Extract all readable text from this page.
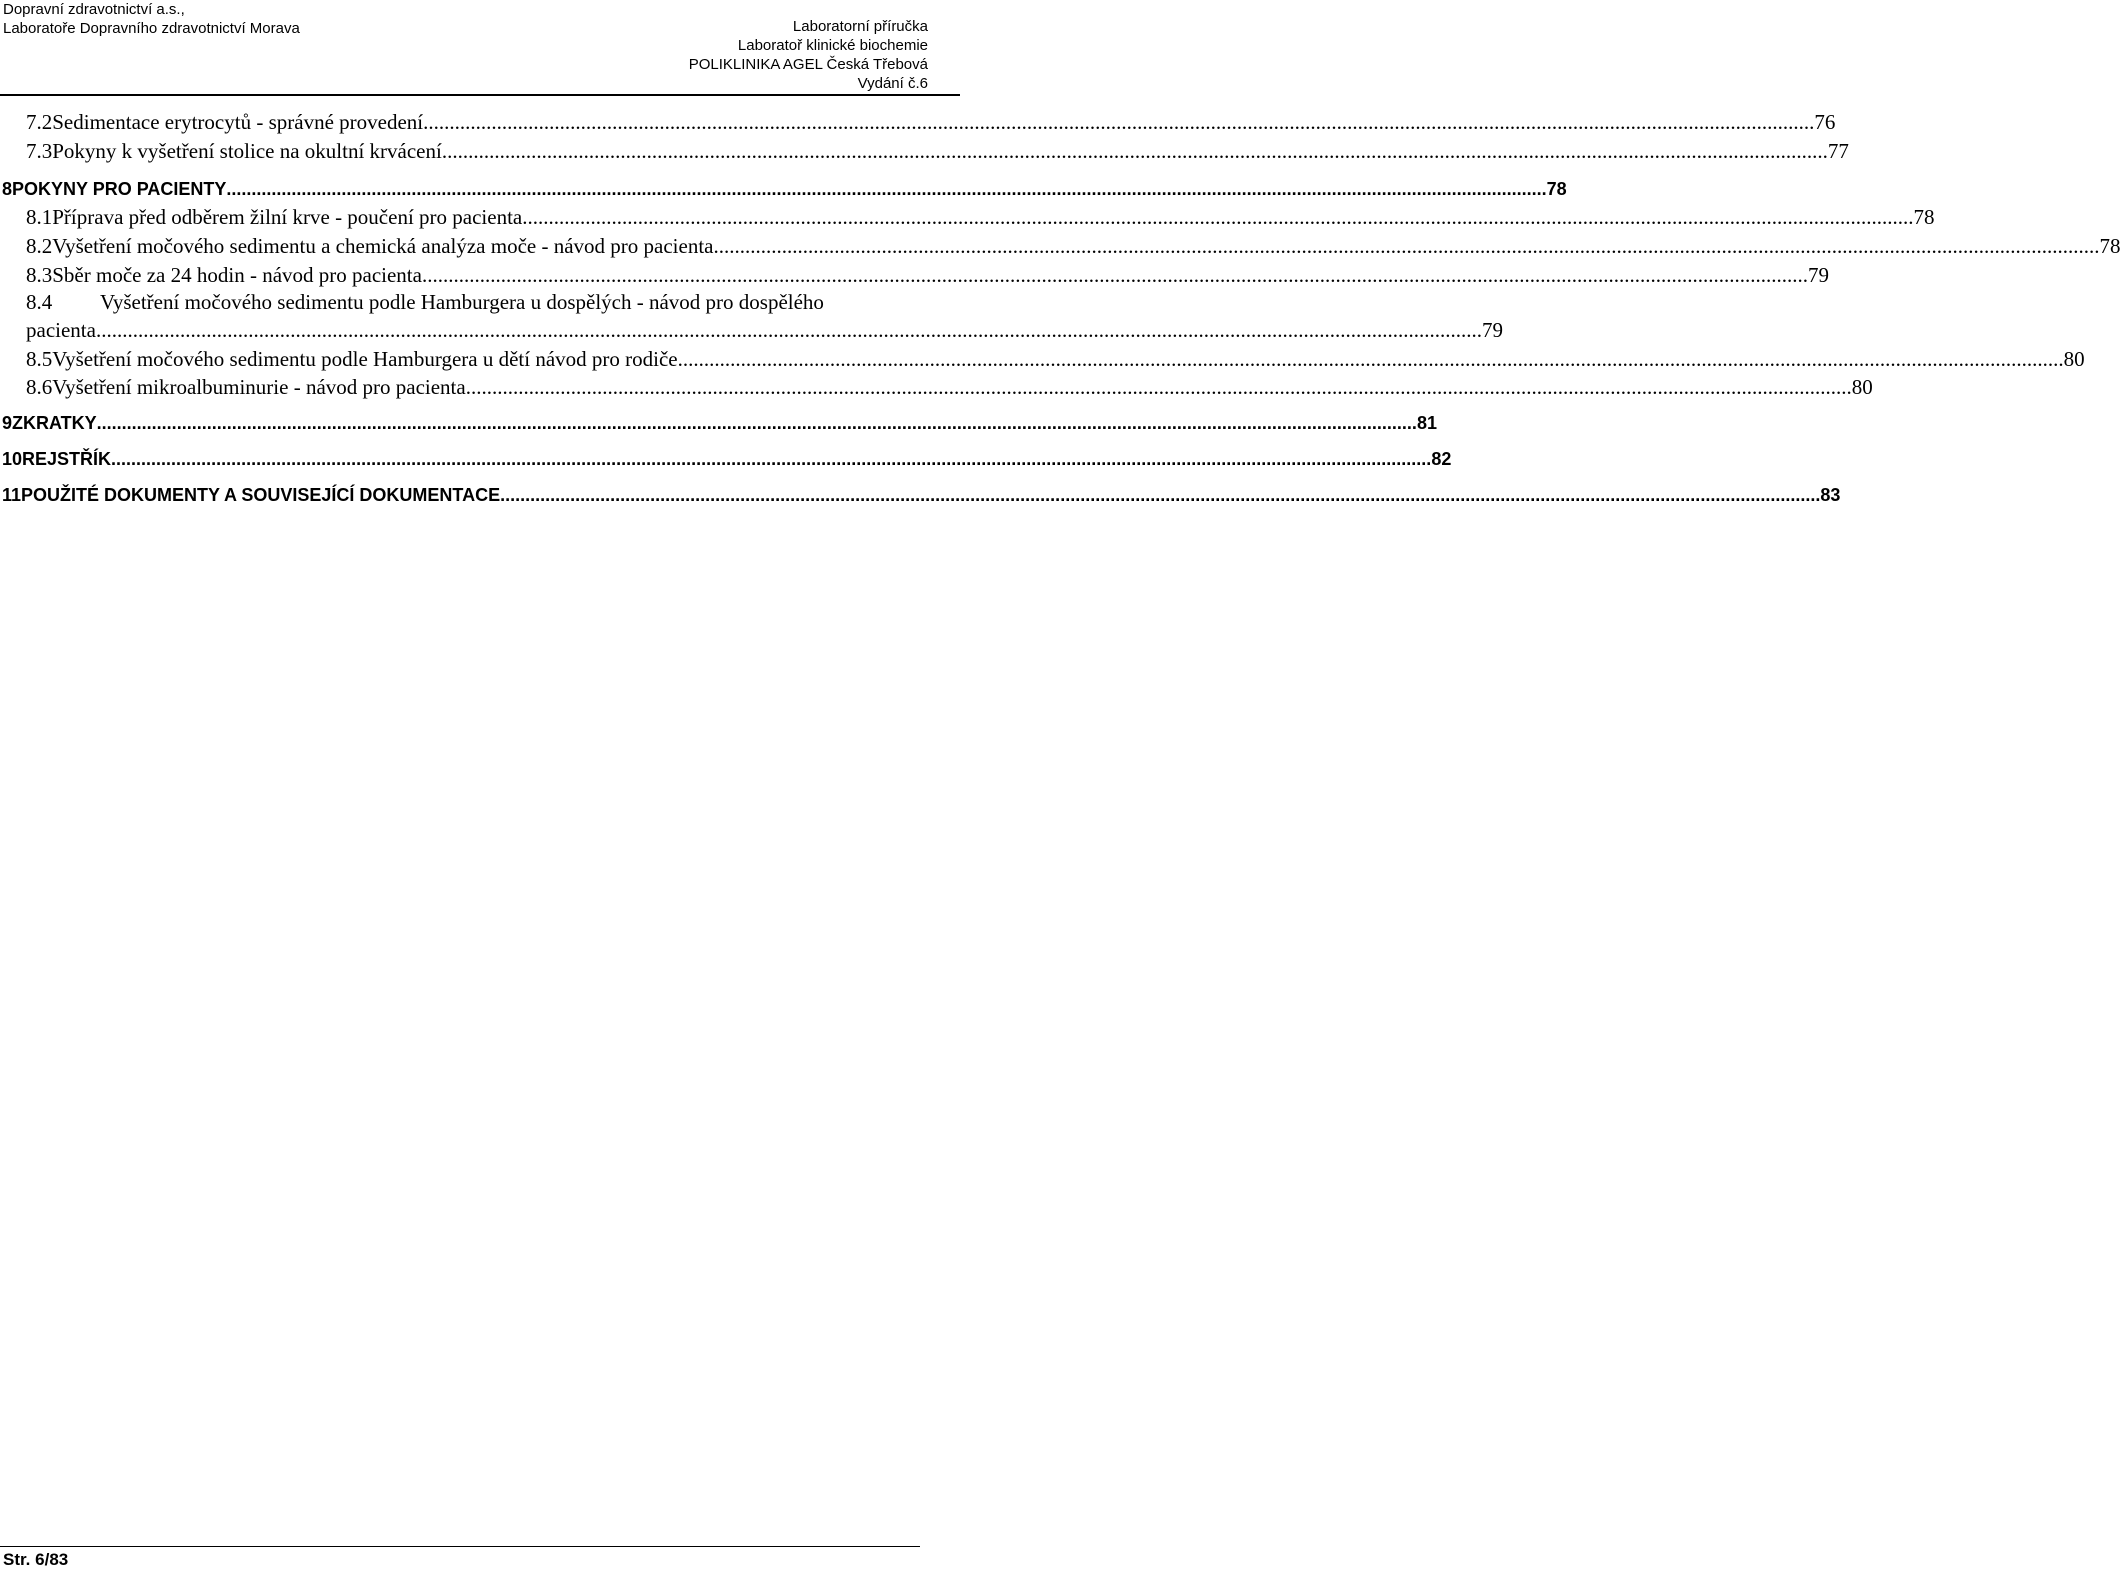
Dopravní zdravotnictví a.s.,
Laboratoře Dopravního zdravotnictví Morava	Laboratorní příručka
Laboratoř klinické biochemie
POLIKLINIKA AGEL Česká Třebová
Vydání č.6
7.2 Sedimentace erytrocytů - správné provedení. .....	76
7.3 Pokyny k vyšetření stolice na okultní krvácení .....	77
8 POKYNY PRO PACIENTY .....	78
8.1 Příprava před odběrem žilní krve - poučení pro pacienta. .....	78
8.2 Vyšetření močového sedimentu a chemická analýza moče - návod pro pacienta .....	78
8.3 Sběr moče za 24 hodin - návod pro pacienta .....	79
8.4 Vyšetření močového sedimentu podle Hamburgera u dospělých - návod pro dospělého
pacienta .....	79
8.5 Vyšetření močového sedimentu podle Hamburgera u dětí návod pro rodiče .....	80
8.6 Vyšetření mikroalbuminurie - návod pro pacienta .....	80
9 ZKRATKY .....	81
10 REJSTŘÍK .....	82
11 POUŽITÉ DOKUMENTY A SOUVISEJÍCÍ DOKUMENTACE .....	83
Str. 6/83
